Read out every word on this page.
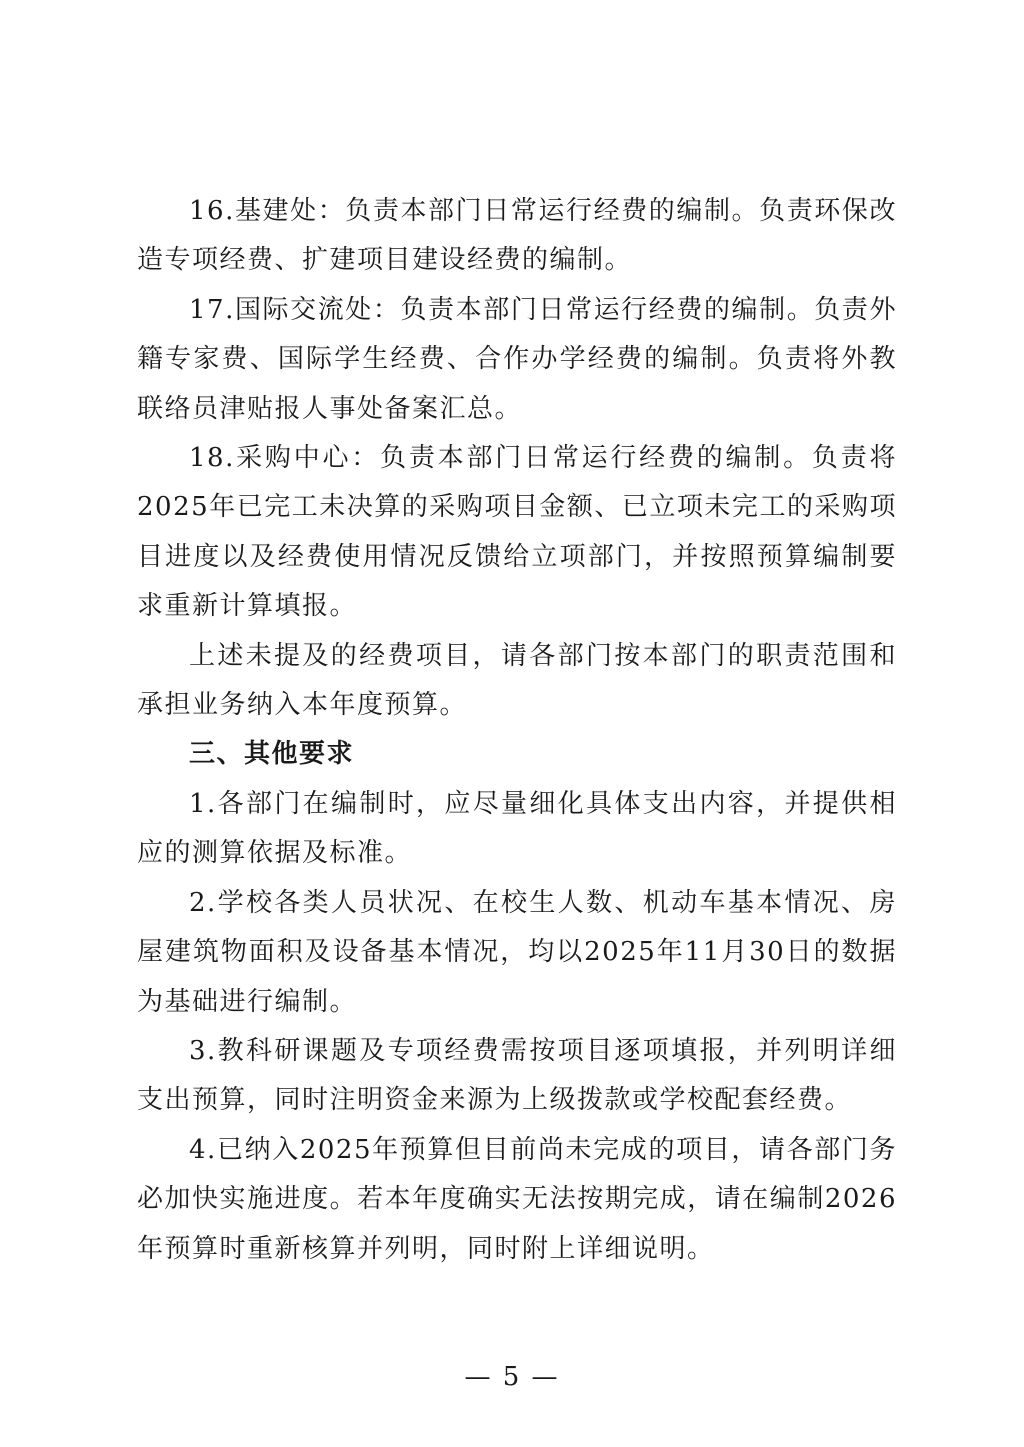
16.基建处：负责本部门日常运行经费的编制。负责环保改造专项经费、扩建项目建设经费的编制。

17.国际交流处：负责本部门日常运行经费的编制。负责外籍专家费、国际学生经费、合作办学经费的编制。负责将外教联络员津贴报人事处备案汇总。

18.采购中心：负责本部门日常运行经费的编制。负责将2025年已完工未决算的采购项目金额、已立项未完工的采购项目进度以及经费使用情况反馈给立项部门，并按照预算编制要求重新计算填报。

上述未提及的经费项目，请各部门按本部门的职责范围和承担业务纳入本年度预算。

三、其他要求

1.各部门在编制时，应尽量细化具体支出内容，并提供相应的测算依据及标准。

2.学校各类人员状况、在校生人数、机动车基本情况、房屋建筑物面积及设备基本情况，均以2025年11月30日的数据为基础进行编制。

3.教科研课题及专项经费需按项目逐项填报，并列明详细支出预算，同时注明资金来源为上级拨款或学校配套经费。

4.已纳入2025年预算但目前尚未完成的项目，请各部门务必加快实施进度。若本年度确实无法按期完成，请在编制2026年预算时重新核算并列明，同时附上详细说明。

— 5 —
